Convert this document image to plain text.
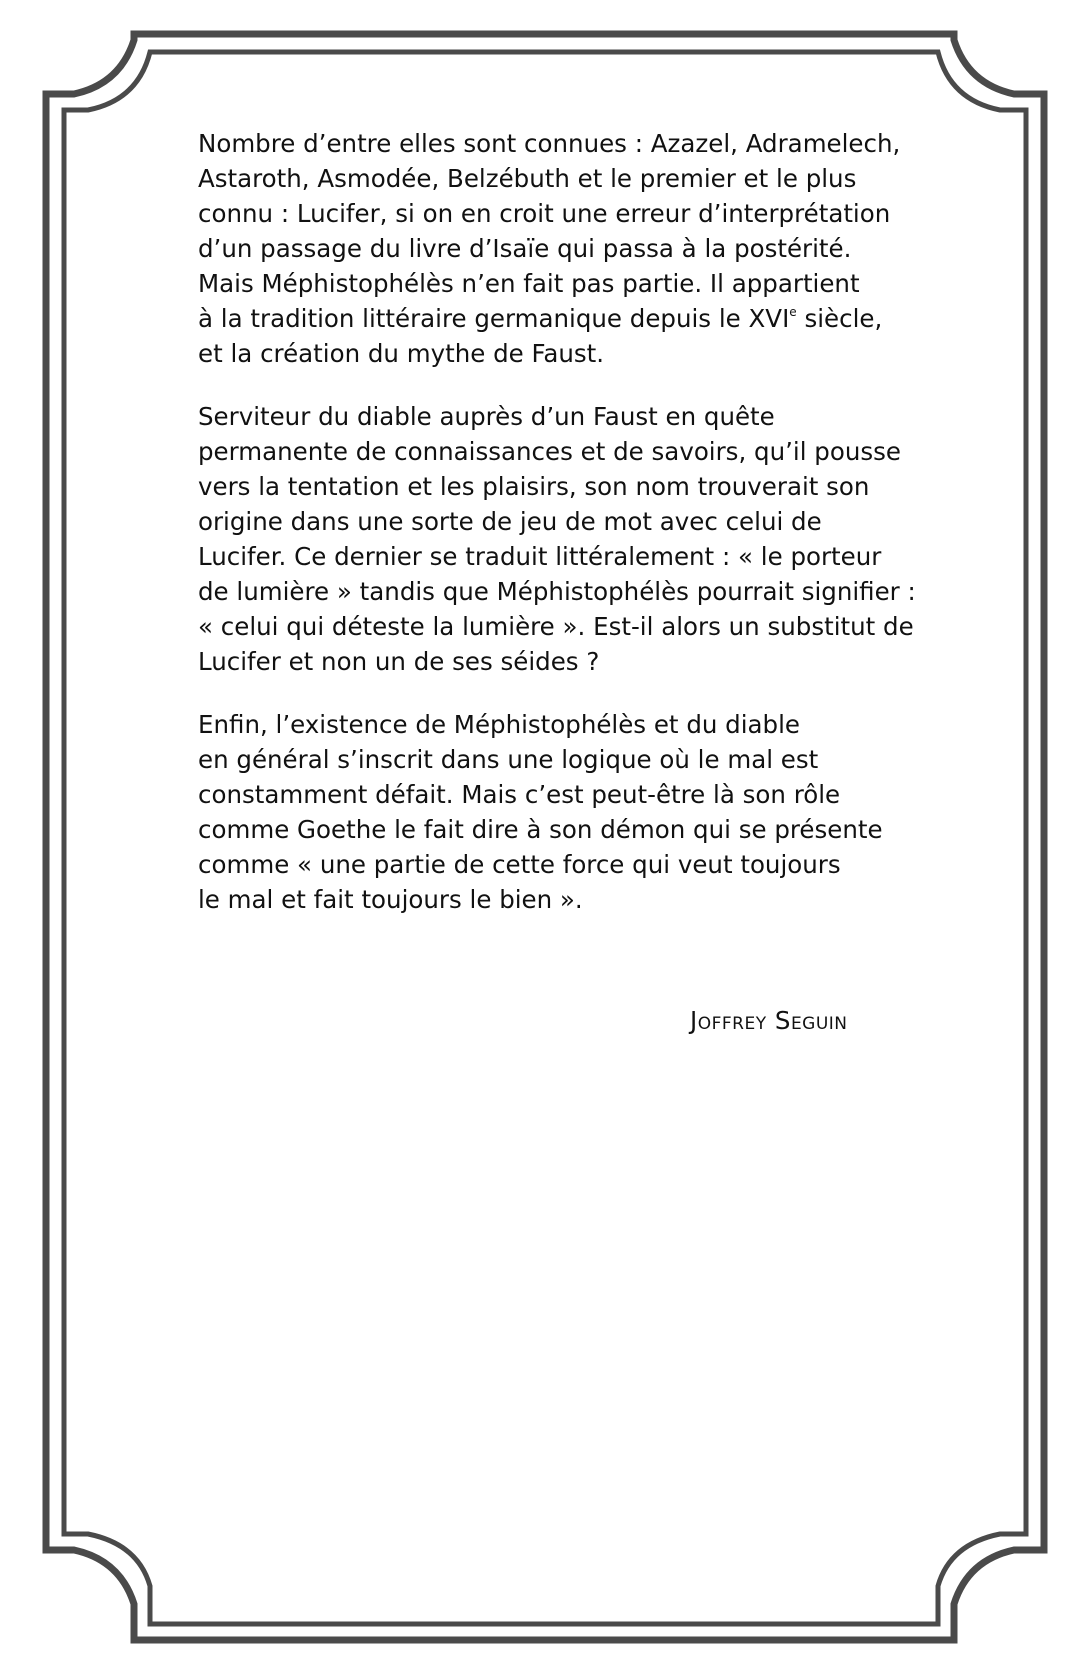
Nombre d’entre elles sont connues : Azazel, Adramelech,
Astaroth, Asmodée, Belzébuth et le premier et le plus
connu : Lucifer, si on en croit une erreur d’interprétation
d’un passage du livre d’Isaïe qui passa à la postérité.
Mais Méphistophélès n’en fait pas partie. Il appartient
à la tradition littéraire germanique depuis le XVIe siècle,
et la création du mythe de Faust.

Serviteur du diable auprès d’un Faust en quête
permanente de connaissances et de savoirs, qu’il pousse
vers la tentation et les plaisirs, son nom trouverait son
origine dans une sorte de jeu de mot avec celui de
Lucifer. Ce dernier se traduit littéralement : « le porteur
de lumière » tandis que Méphistophélès pourrait signifier :
« celui qui déteste la lumière ». Est-il alors un substitut de
Lucifer et non un de ses séides ?

Enfin, l’existence de Méphistophélès et du diable
en général s’inscrit dans une logique où le mal est
constamment défait. Mais c’est peut-être là son rôle
comme Goethe le fait dire à son démon qui se présente
comme « une partie de cette force qui veut toujours
le mal et fait toujours le bien ».

Joffrey Seguin
